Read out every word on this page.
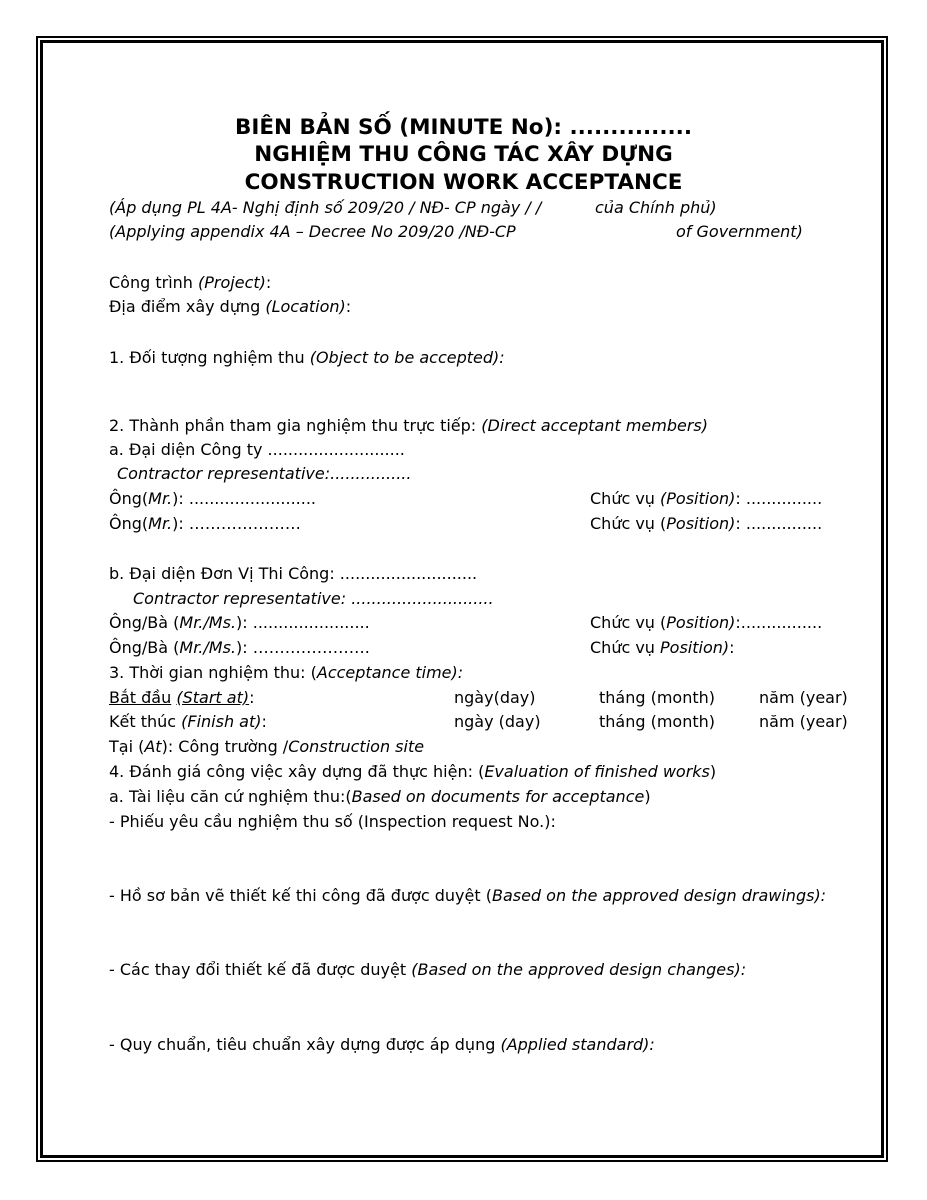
BIÊN BẢN SỐ (MINUTE No): ...............
NGHIỆM THU CÔNG TÁC XÂY DỰNG
CONSTRUCTION WORK ACCEPTANCE
(Áp dụng PL 4A- Nghị định số 209/20 / NĐ- CP ngày / /	của Chính phủ)
(Applying appendix 4A – Decree No 209/20 /NĐ-CP	of Government)
Công trình (Project):
Địa điểm xây dựng (Location):
1. Đối tượng nghiệm thu (Object to be accepted):
2. Thành phần tham gia nghiệm thu trực tiếp: (Direct acceptant members)
a. Đại diện Công ty ...........................
Contractor representative:................
Ông(Mr.): .........................	Chức vụ (Position): ...............
Ông(Mr.): …………………	Chức vụ (Position): ...............
b. Đại diện Đơn Vị Thi Công: ...........................
Contractor representative: ............................
Ông/Bà (Mr./Ms.): .......................	Chức vụ (Position):................
Ông/Bà (Mr./Ms.): ………………….	Chức vụ Position):
3. Thời gian nghiệm thu: (Acceptance time):
Bắt đầu (Start at):	ngày(day)	tháng (month)	năm (year)
Kết thúc (Finish at):	ngày (day)	tháng (month)	năm (year)
Tại (At): Công trường /Construction site
4. Đánh giá công việc xây dựng đã thực hiện: (Evaluation of finished works)
a. Tài liệu căn cứ nghiệm thu:(Based on documents for acceptance)
- Phiếu yêu cầu nghiệm thu số (Inspection request No.):
- Hồ sơ bản vẽ thiết kế thi công đã được duyệt (Based on the approved design drawings):
- Các thay đổi thiết kế đã được duyệt (Based on the approved design changes):
- Quy chuẩn, tiêu chuẩn xây dựng được áp dụng (Applied standard):
